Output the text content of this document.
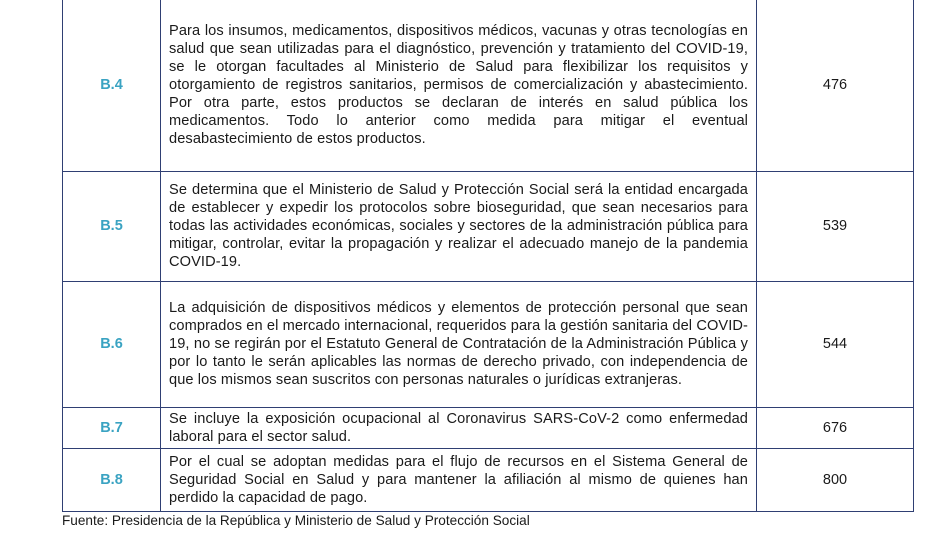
B.4	Para los insumos, medicamentos, dispositivos médicos, vacunas y otras tecnologías en salud que sean utilizadas para el diagnóstico, prevención y tratamiento del COVID-19, se le otorgan facultades al Ministerio de Salud para flexibilizar los requisitos y otorgamiento de registros sanitarios, permisos de comercialización y abastecimiento. Por otra parte, estos productos se declaran de interés en salud pública los medicamentos. Todo lo anterior como medida para mitigar el eventual desabastecimiento de estos productos.	476
B.5	Se determina que el Ministerio de Salud y Protección Social será la entidad encargada de establecer y expedir los protocolos sobre bioseguridad, que sean necesarios para todas las actividades económicas, sociales y sectores de la administración pública para mitigar, controlar, evitar la propagación y realizar el adecuado manejo de la pandemia COVID-19.	539
B.6	La adquisición de dispositivos médicos y elementos de protección personal que sean comprados en el mercado internacional, requeridos para la gestión sanitaria del COVID-19, no se regirán por el Estatuto General de Contratación de la Administración Pública y por lo tanto le serán aplicables las normas de derecho privado, con independencia de que los mismos sean suscritos con personas naturales o jurídicas extranjeras.	544
B.7	Se incluye la exposición ocupacional al Coronavirus SARS-CoV-2 como enfermedad laboral para el sector salud.	676
B.8	Por el cual se adoptan medidas para el flujo de recursos en el Sistema General de Seguridad Social en Salud y para mantener la afiliación al mismo de quienes han perdido la capacidad de pago.	800
Fuente: Presidencia de la República y Ministerio de Salud y Protección Social
